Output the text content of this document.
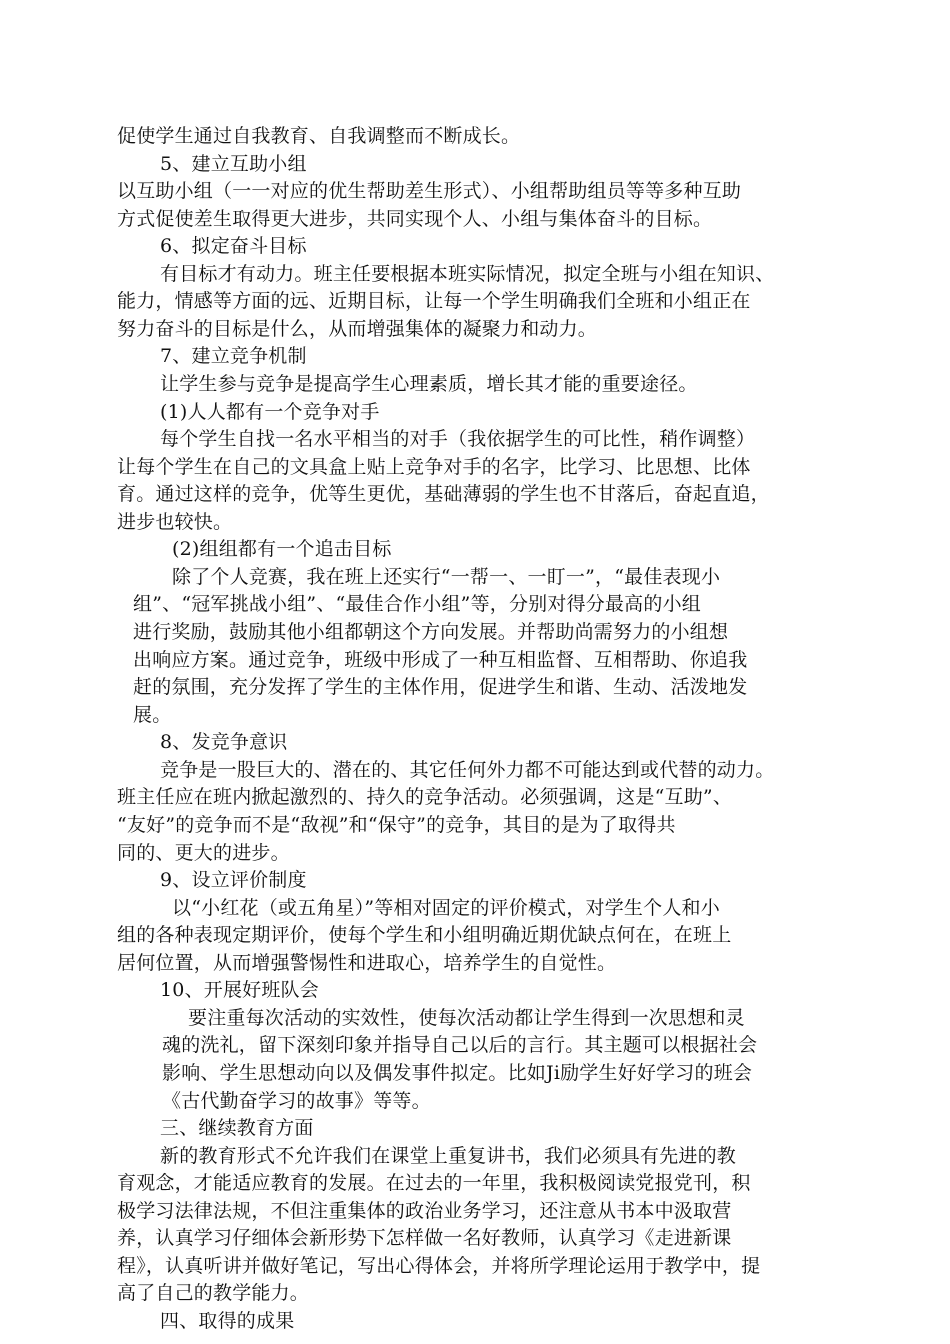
促使学生通过自我教育、自我调整而不断成长。
5、建立互助小组
以互助小组（一一对应的优生帮助差生形式）、小组帮助组员等等多种互助
方式促使差生取得更大进步，共同实现个人、小组与集体奋斗的目标。
6、拟定奋斗目标
有目标才有动力。班主任要根据本班实际情况，拟定全班与小组在知识、
能力，情感等方面的远、近期目标，让每一个学生明确我们全班和小组正在
努力奋斗的目标是什么，从而增强集体的凝聚力和动力。
7、建立竞争机制
让学生参与竞争是提高学生心理素质，增长其才能的重要途径。
(1)人人都有一个竞争对手
每个学生自找一名水平相当的对手（我依据学生的可比性，稍作调整）
让每个学生在自己的文具盒上贴上竞争对手的名字，比学习、比思想、比体
育。通过这样的竞争，优等生更优，基础薄弱的学生也不甘落后，奋起直追，
进步也较快。
(2)组组都有一个追击目标
除了个人竞赛，我在班上还实行“一帮一、一盯一”，“最佳表现小
组”、“冠军挑战小组”、“最佳合作小组”等，分别对得分最高的小组
进行奖励，鼓励其他小组都朝这个方向发展。并帮助尚需努力的小组想
出响应方案。通过竞争，班级中形成了一种互相监督、互相帮助、你追我
赶的氛围，充分发挥了学生的主体作用，促进学生和谐、生动、活泼地发
展。
8、发竞争意识
竞争是一股巨大的、潜在的、其它任何外力都不可能达到或代替的动力。
班主任应在班内掀起激烈的、持久的竞争活动。必须强调，这是“互助”、
“友好”的竞争而不是“敌视”和“保守”的竞争，其目的是为了取得共
同的、更大的进步。
9、设立评价制度
以“小红花（或五角星）”等相对固定的评价模式，对学生个人和小
组的各种表现定期评价，使每个学生和小组明确近期优缺点何在，在班上
居何位置，从而增强警惕性和进取心，培养学生的自觉性。
10、开展好班队会
要注重每次活动的实效性，使每次活动都让学生得到一次思想和灵
魂的洗礼，留下深刻印象并指导自己以后的言行。其主题可以根据社会
影响、学生思想动向以及偶发事件拟定。比如Ji励学生好好学习的班会
《古代勤奋学习的故事》等等。
三、继续教育方面
新的教育形式不允许我们在课堂上重复讲书，我们必须具有先进的教
育观念，才能适应教育的发展。在过去的一年里，我积极阅读党报党刊，积
极学习法律法规，不但注重集体的政治业务学习，还注意从书本中汲取营
养，认真学习仔细体会新形势下怎样做一名好教师，认真学习《走进新课
程》，认真听讲并做好笔记，写出心得体会，并将所学理论运用于教学中，提
高了自己的教学能力。
四、取得的成果
